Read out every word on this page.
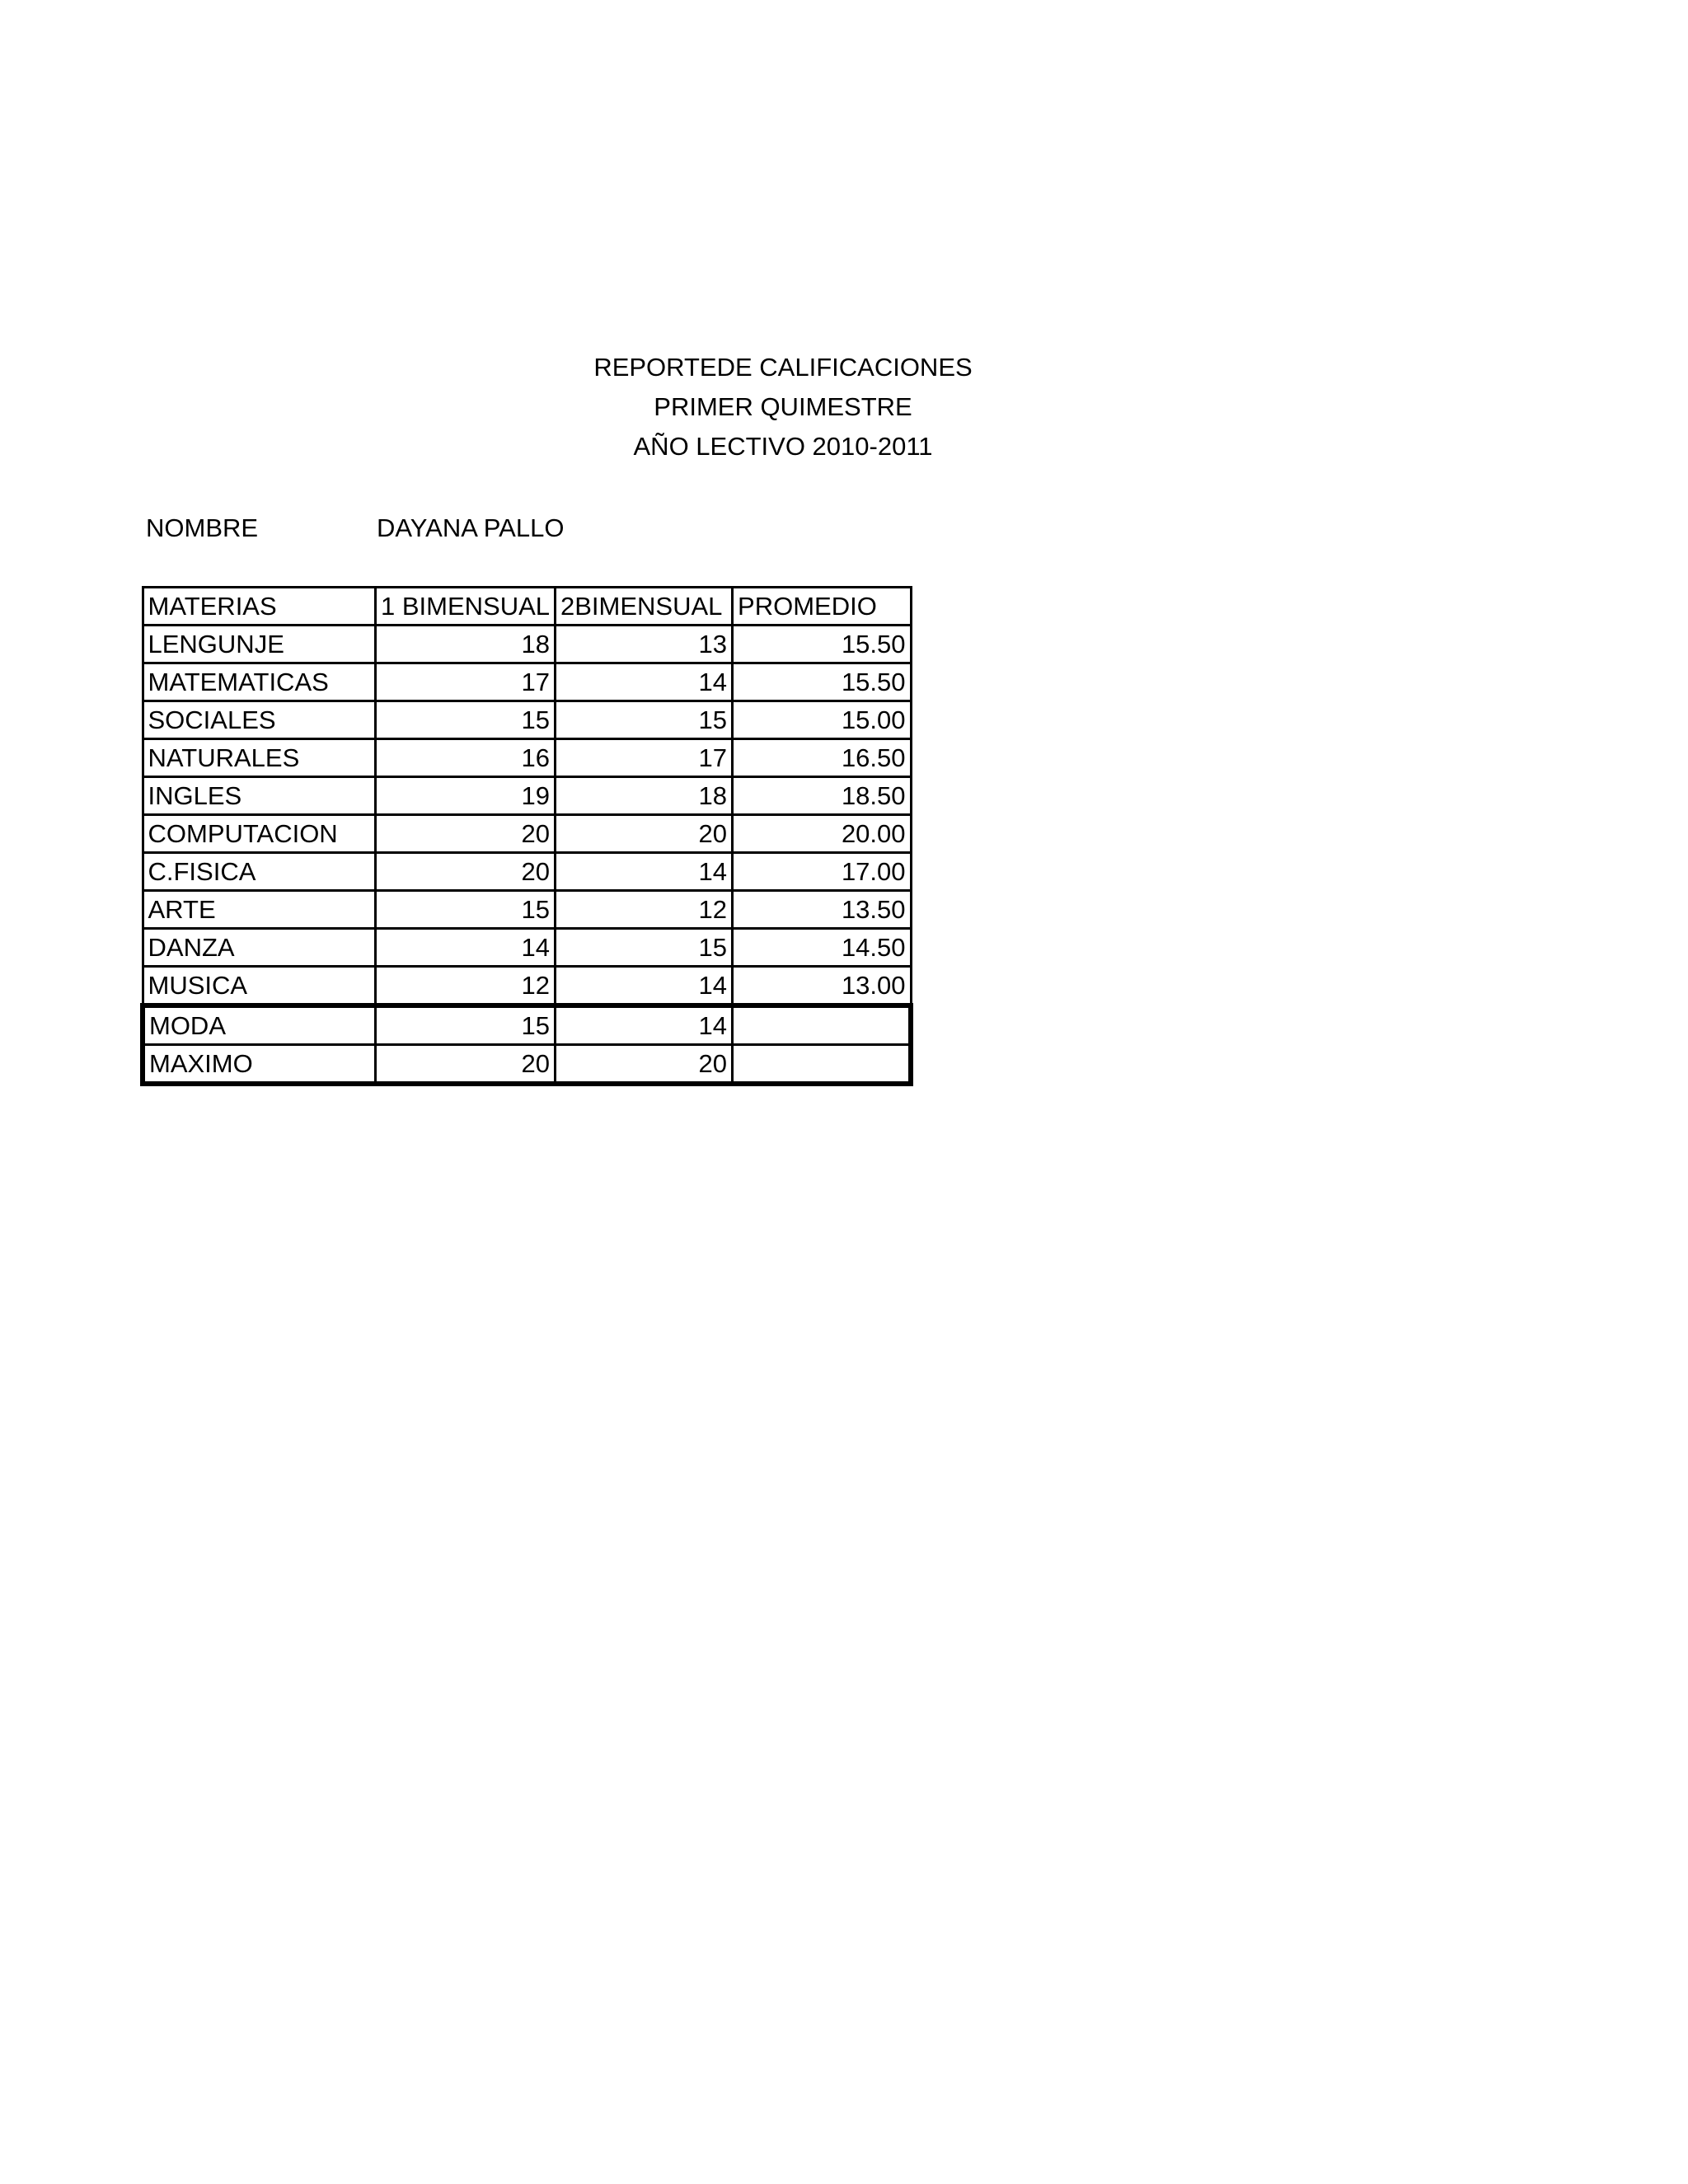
REPORTEDE CALIFICACIONES
PRIMER QUIMESTRE
AÑO LECTIVO 2010-2011
NOMBRE	DAYANA PALLO
MATERIAS	1 BIMENSUAL	2BIMENSUAL	PROMEDIO
LENGUNJE	18	13	15.50
MATEMATICAS	17	14	15.50
SOCIALES	15	15	15.00
NATURALES	16	17	16.50
INGLES	19	18	18.50
COMPUTACION	20	20	20.00
C.FISICA	20	14	17.00
ARTE	15	12	13.50
DANZA	14	15	14.50
MUSICA	12	14	13.00
MODA	15	14	
MAXIMO	20	20	
